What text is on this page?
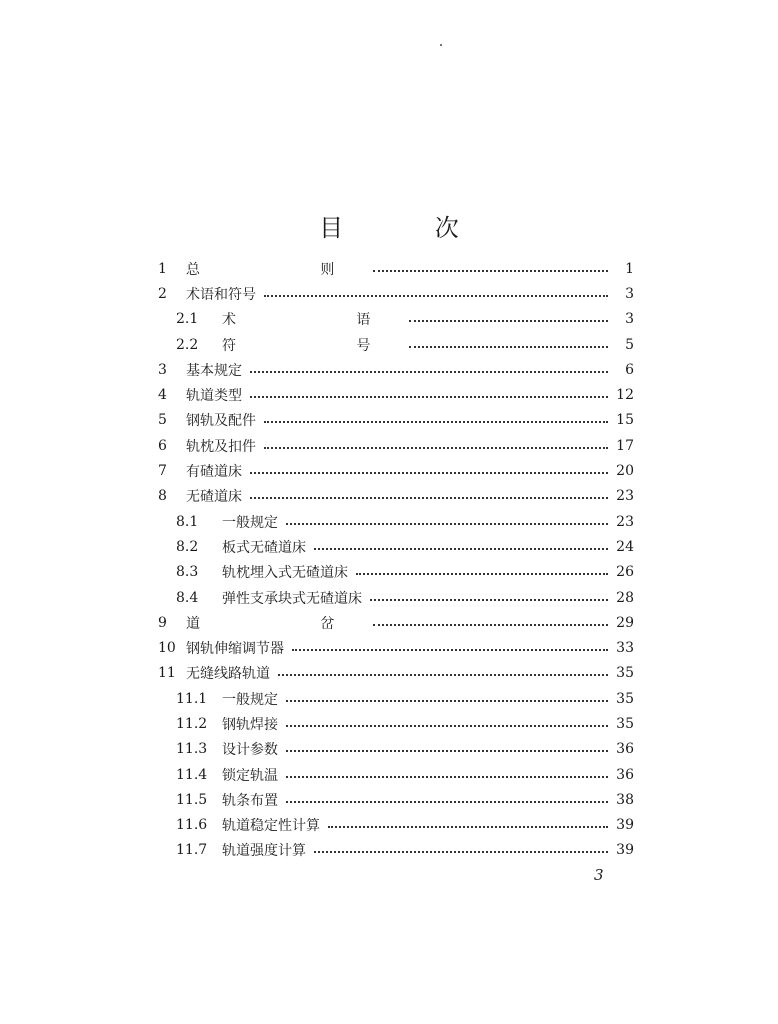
目 次
1	总　　则	1
2	术语和符号	3
2.1	术　　语	3
2.2	符　　号	5
3	基本规定	6
4	轨道类型	12
5	钢轨及配件	15
6	轨枕及扣件	17
7	有碴道床	20
8	无碴道床	23
8.1	一般规定	23
8.2	板式无碴道床	24
8.3	轨枕埋入式无碴道床	26
8.4	弹性支承块式无碴道床	28
9	道　　岔	29
10 钢轨伸缩调节器	33
11 无缝线路轨道	35
11.1	一般规定	35
11.2	钢轨焊接	35
11.3	设计参数	36
11.4	锁定轨温	36
11.5	轨条布置	38
11.6	轨道稳定性计算	39
11.7	轨道强度计算	39
3
